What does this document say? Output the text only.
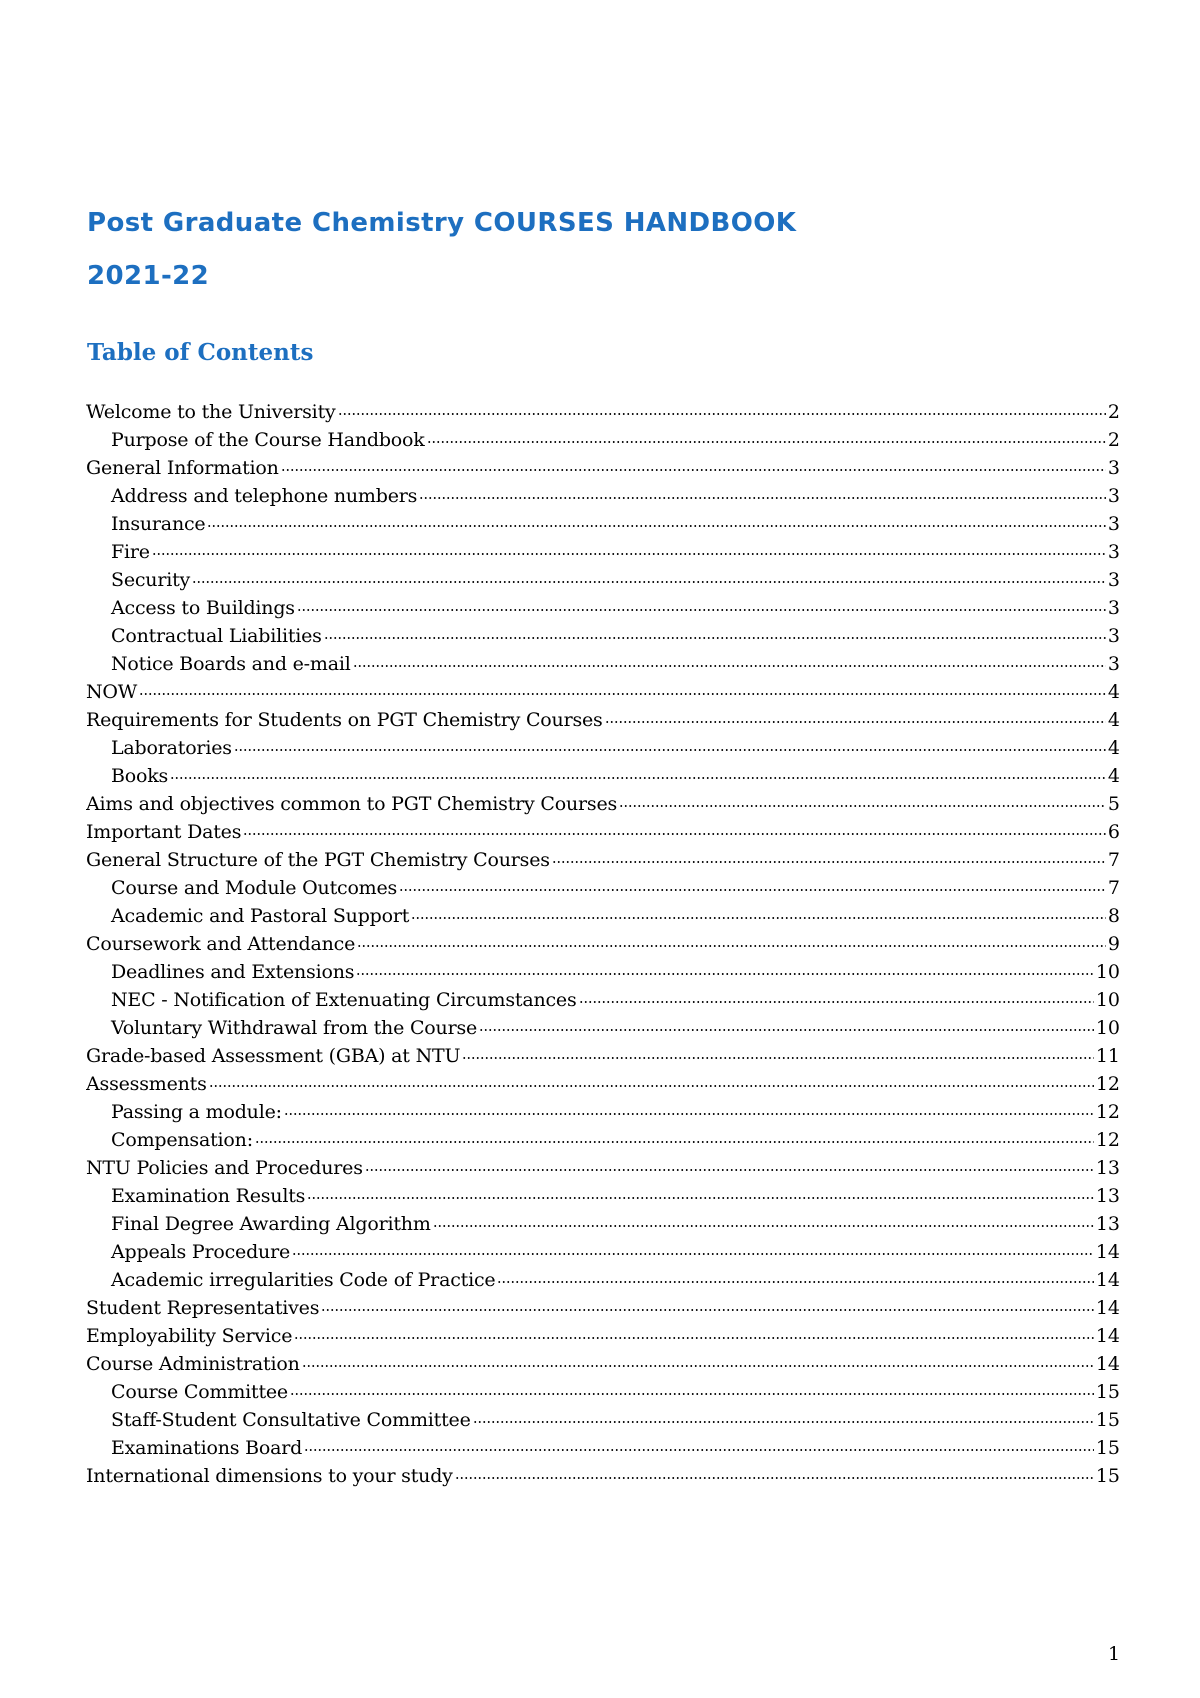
Post Graduate Chemistry COURSES HANDBOOK
2021-22
Table of Contents
Welcome to the University	2
Purpose of the Course Handbook	2
General Information	3
Address and telephone numbers	3
Insurance	3
Fire	3
Security	3
Access to Buildings	3
Contractual Liabilities	3
Notice Boards and e-mail	3
NOW	4
Requirements for Students on PGT Chemistry Courses	4
Laboratories	4
Books	4
Aims and objectives common to PGT Chemistry Courses	5
Important Dates	6
General Structure of the PGT Chemistry Courses	7
Course and Module Outcomes	7
Academic and Pastoral Support	8
Coursework and Attendance	9
Deadlines and Extensions	10
NEC - Notification of Extenuating Circumstances	10
Voluntary Withdrawal from the Course	10
Grade-based Assessment (GBA) at NTU	11
Assessments	12
Passing a module:	12
Compensation:	12
NTU Policies and Procedures	13
Examination Results	13
Final Degree Awarding Algorithm	13
Appeals Procedure	14
Academic irregularities Code of Practice	14
Student Representatives	14
Employability Service	14
Course Administration	14
Course Committee	15
Staff-Student Consultative Committee	15
Examinations Board	15
International dimensions to your study	15
1
